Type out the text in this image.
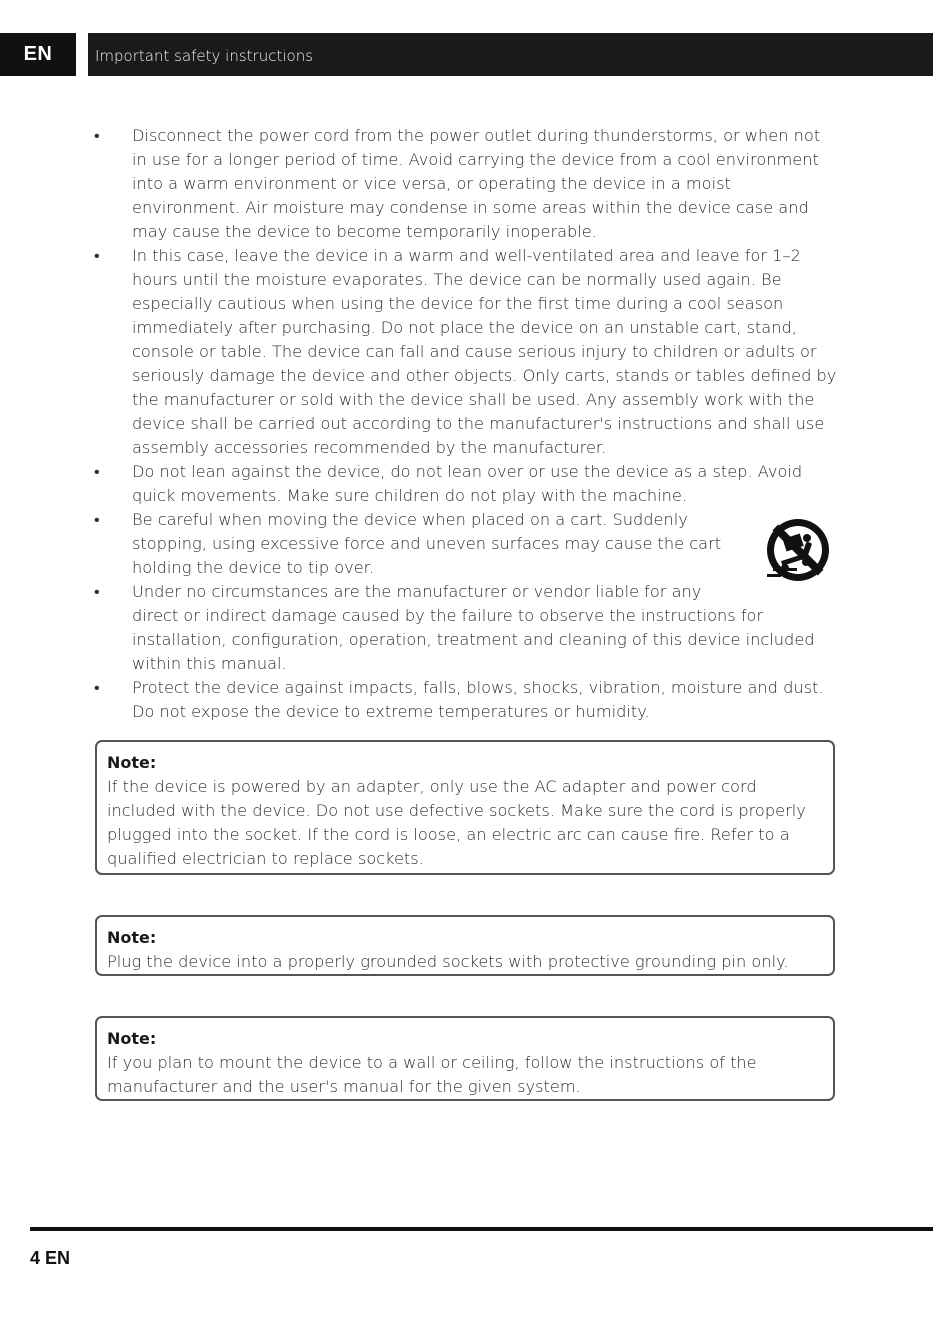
EN	Important safety instructions
• Disconnect the power cord from the power outlet during thunderstorms, or when not in use for a longer period of time. Avoid carrying the device from a cool environment into a warm environment or vice versa, or operating the device in a moist environment. Air moisture may condense in some areas within the device case and may cause the device to become temporarily inoperable.
• In this case, leave the device in a warm and well-ventilated area and leave for 1–2 hours until the moisture evaporates. The device can be normally used again. Be especially cautious when using the device for the first time during a cool season immediately after purchasing. Do not place the device on an unstable cart, stand, console or table. The device can fall and cause serious injury to children or adults or seriously damage the device and other objects. Only carts, stands or tables defined by the manufacturer or sold with the device shall be used. Any assembly work with the device shall be carried out according to the manufacturer's instructions and shall use assembly accessories recommended by the manufacturer.
• Do not lean against the device, do not lean over or use the device as a step. Avoid quick movements. Make sure children do not play with the machine.
• Be careful when moving the device when placed on a cart. Suddenly stopping, using excessive force and uneven surfaces may cause the cart holding the device to tip over.
• Under no circumstances are the manufacturer or vendor liable for any
direct or indirect damage caused by the failure to observe the instructions for installation, configuration, operation, treatment and cleaning of this device included within this manual.
• Protect the device against impacts, falls, blows, shocks, vibration, moisture and dust. Do not expose the device to extreme temperatures or humidity.
Note:
If the device is powered by an adapter, only use the AC adapter and power cord included with the device. Do not use defective sockets. Make sure the cord is properly plugged into the socket. If the cord is loose, an electric arc can cause fire. Refer to a qualified electrician to replace sockets.
Note:
Plug the device into a properly grounded sockets with protective grounding pin only.
Note:
If you plan to mount the device to a wall or ceiling, follow the instructions of the manufacturer and the user's manual for the given system.
4 EN
